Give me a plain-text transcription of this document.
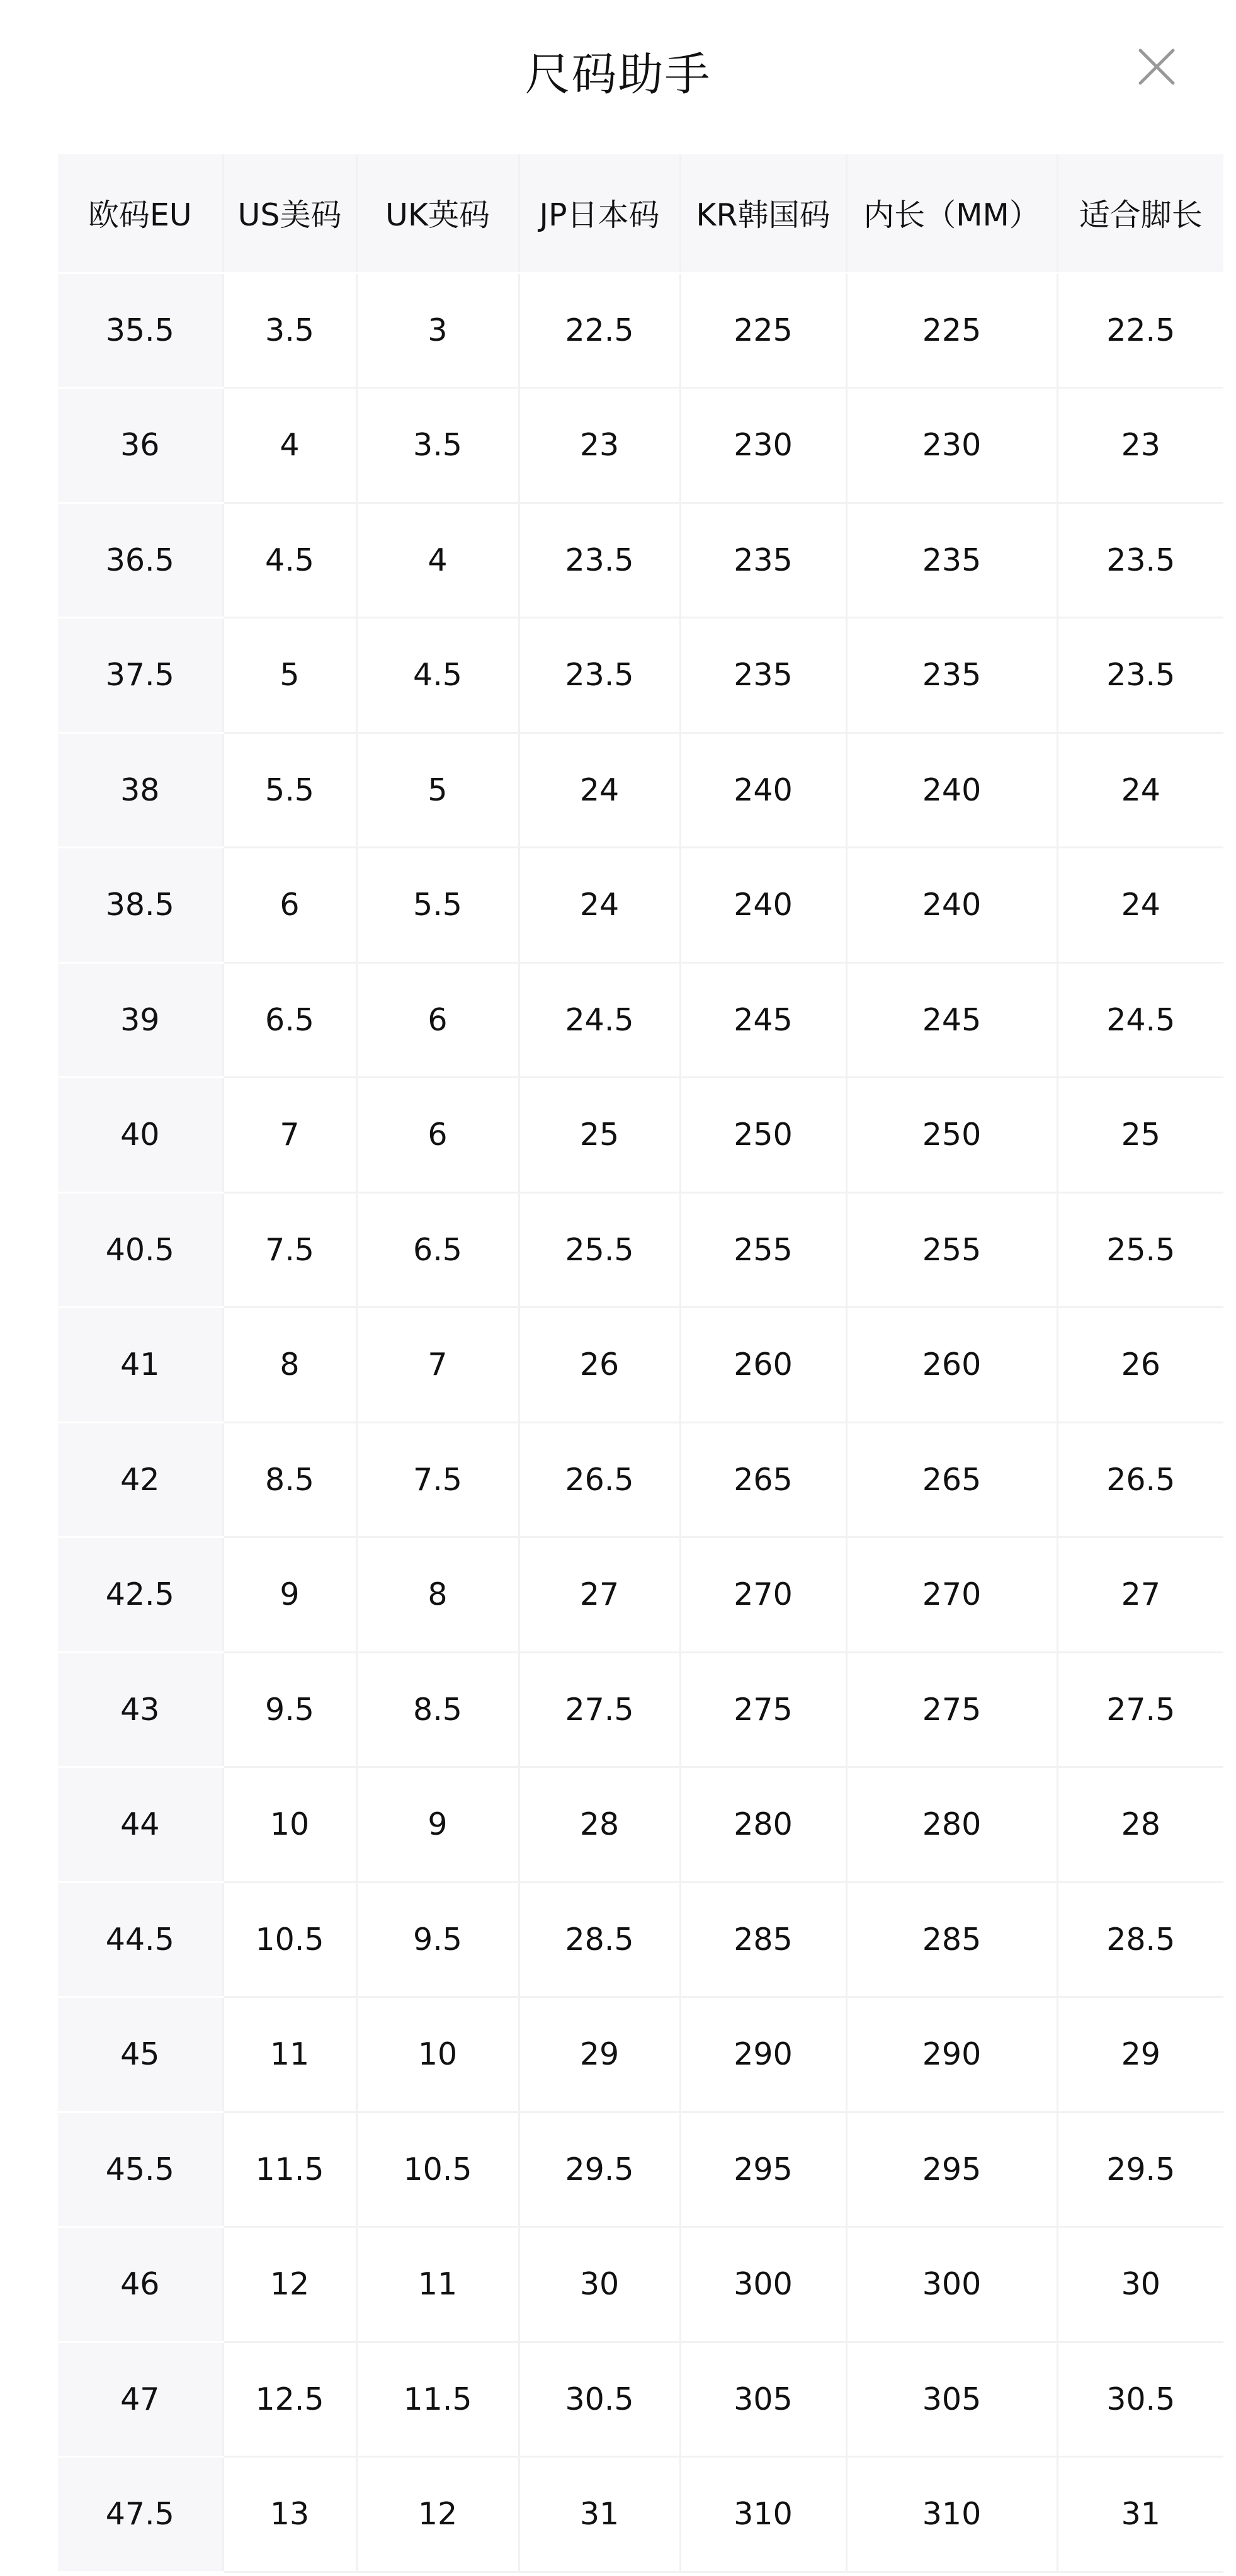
尺码助手
欧码EU	US美码	UK英码	JP日本码	KR韩国码	内长（MM）	适合脚长
35.5	3.5	3	22.5	225	225	22.5
36	4	3.5	23	230	230	23
36.5	4.5	4	23.5	235	235	23.5
37.5	5	4.5	23.5	235	235	23.5
38	5.5	5	24	240	240	24
38.5	6	5.5	24	240	240	24
39	6.5	6	24.5	245	245	24.5
40	7	6	25	250	250	25
40.5	7.5	6.5	25.5	255	255	25.5
41	8	7	26	260	260	26
42	8.5	7.5	26.5	265	265	26.5
42.5	9	8	27	270	270	27
43	9.5	8.5	27.5	275	275	27.5
44	10	9	28	280	280	28
44.5	10.5	9.5	28.5	285	285	28.5
45	11	10	29	290	290	29
45.5	11.5	10.5	29.5	295	295	29.5
46	12	11	30	300	300	30
47	12.5	11.5	30.5	305	305	30.5
47.5	13	12	31	310	310	31
